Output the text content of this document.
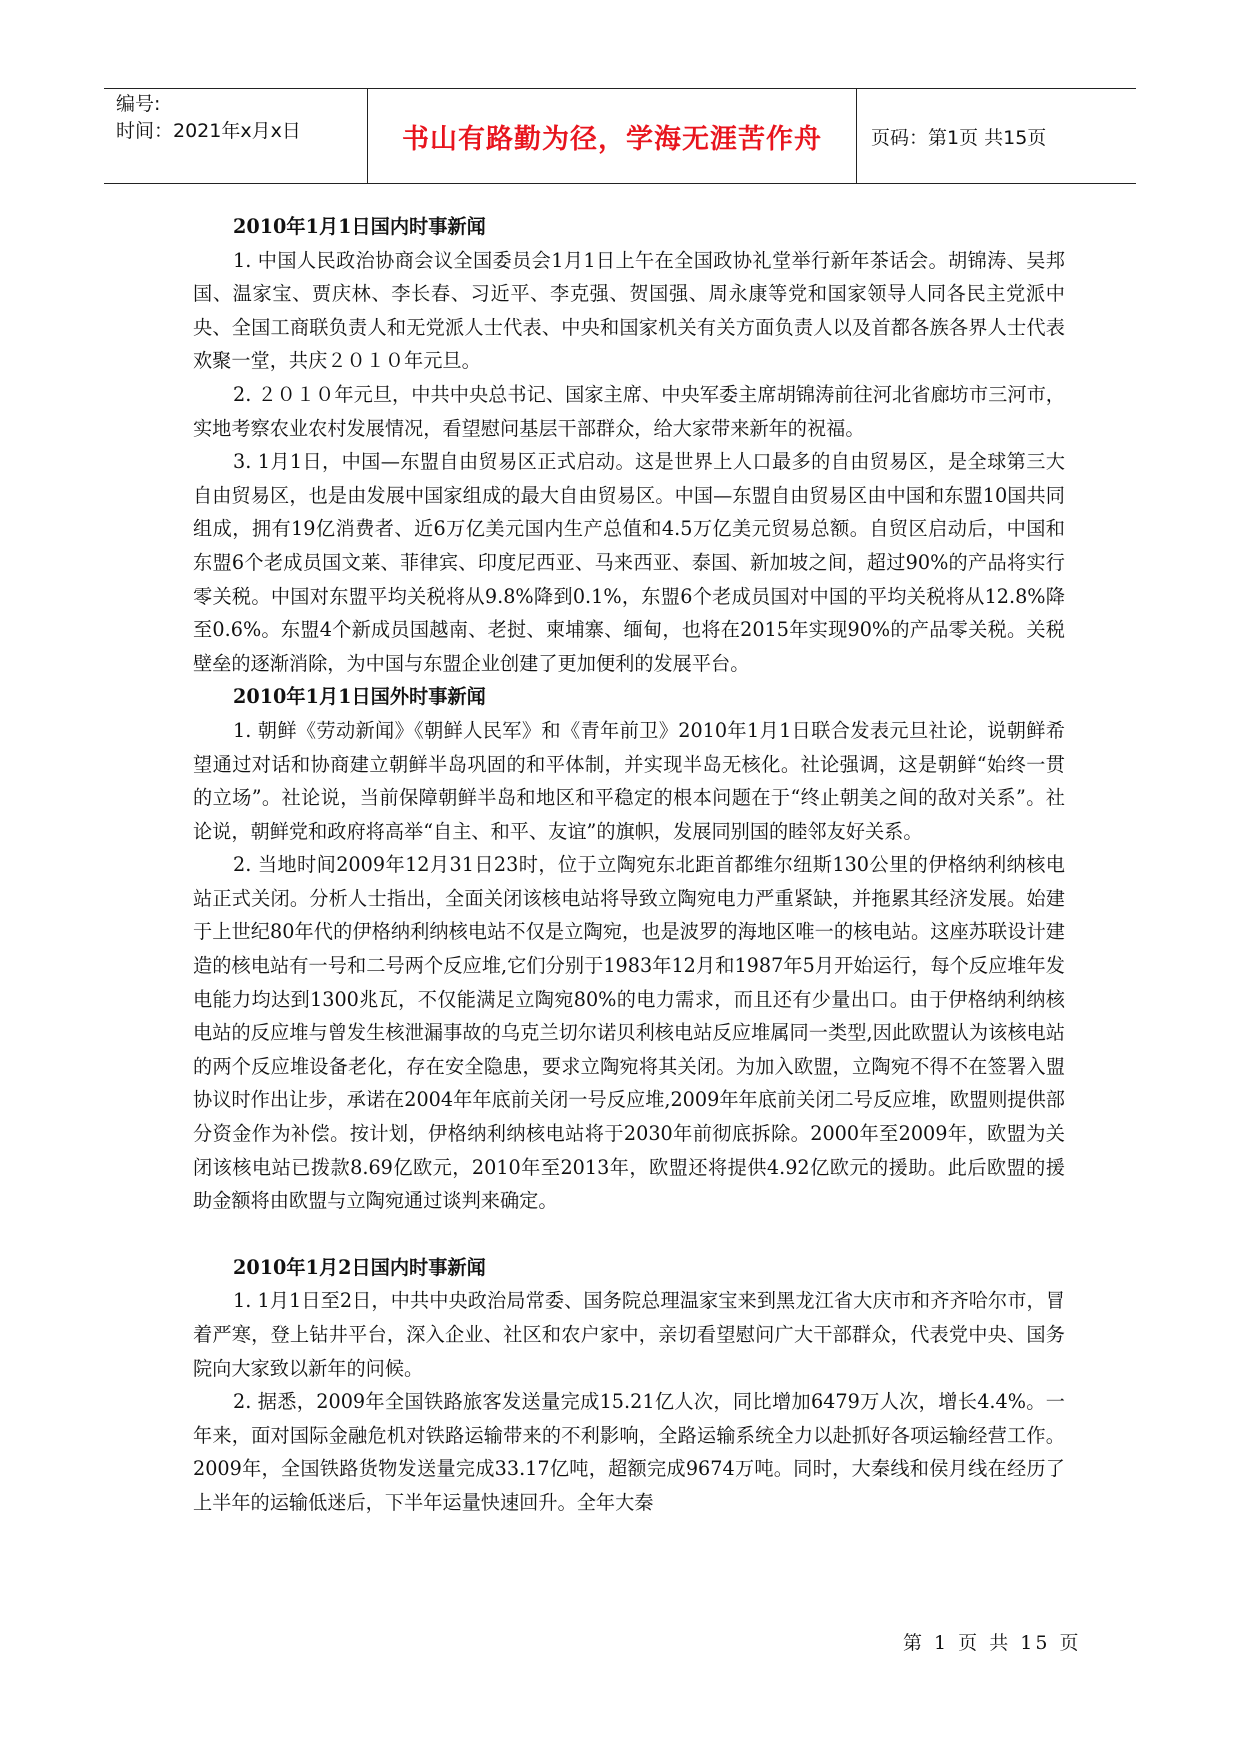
编号:
时间：2021年x月x日	书山有路勤为径，学海无涯苦作舟	页码：第1页 共15页
2010年1月1日国内时事新闻

1. 中国人民政治协商会议全国委员会1月1日上午在全国政协礼堂举行新年茶话会。胡锦涛、吴邦国、温家宝、贾庆林、李长春、习近平、李克强、贺国强、周永康等党和国家领导人同各民主党派中央、全国工商联负责人和无党派人士代表、中央和国家机关有关方面负责人以及首都各族各界人士代表欢聚一堂，共庆２０１０年元旦。

2. ２０１０年元旦，中共中央总书记、国家主席、中央军委主席胡锦涛前往河北省廊坊市三河市，实地考察农业农村发展情况，看望慰问基层干部群众，给大家带来新年的祝福。

3. 1月1日，中国—东盟自由贸易区正式启动。这是世界上人口最多的自由贸易区，是全球第三大自由贸易区，也是由发展中国家组成的最大自由贸易区。中国—东盟自由贸易区由中国和东盟10国共同组成，拥有19亿消费者、近6万亿美元国内生产总值和4.5万亿美元贸易总额。自贸区启动后，中国和东盟6个老成员国文莱、菲律宾、印度尼西亚、马来西亚、泰国、新加坡之间，超过90%的产品将实行零关税。中国对东盟平均关税将从9.8%降到0.1%，东盟6个老成员国对中国的平均关税将从12.8%降至0.6%。东盟4个新成员国越南、老挝、柬埔寨、缅甸，也将在2015年实现90%的产品零关税。关税壁垒的逐渐消除，为中国与东盟企业创建了更加便利的发展平台。

2010年1月1日国外时事新闻

1. 朝鲜《劳动新闻》《朝鲜人民军》和《青年前卫》2010年1月1日联合发表元旦社论，说朝鲜希望通过对话和协商建立朝鲜半岛巩固的和平体制，并实现半岛无核化。社论强调，这是朝鲜“始终一贯的立场”。社论说，当前保障朝鲜半岛和地区和平稳定的根本问题在于“终止朝美之间的敌对关系”。社论说，朝鲜党和政府将高举“自主、和平、友谊”的旗帜，发展同别国的睦邻友好关系。

2. 当地时间2009年12月31日23时，位于立陶宛东北距首都维尔纽斯130公里的伊格纳利纳核电站正式关闭。分析人士指出，全面关闭该核电站将导致立陶宛电力严重紧缺，并拖累其经济发展。始建于上世纪80年代的伊格纳利纳核电站不仅是立陶宛，也是波罗的海地区唯一的核电站。这座苏联设计建造的核电站有一号和二号两个反应堆,它们分别于1983年12月和1987年5月开始运行，每个反应堆年发电能力均达到1300兆瓦，不仅能满足立陶宛80%的电力需求，而且还有少量出口。由于伊格纳利纳核电站的反应堆与曾发生核泄漏事故的乌克兰切尔诺贝利核电站反应堆属同一类型,因此欧盟认为该核电站的两个反应堆设备老化，存在安全隐患，要求立陶宛将其关闭。为加入欧盟，立陶宛不得不在签署入盟协议时作出让步，承诺在2004年年底前关闭一号反应堆,2009年年底前关闭二号反应堆，欧盟则提供部分资金作为补偿。按计划，伊格纳利纳核电站将于2030年前彻底拆除。2000年至2009年，欧盟为关闭该核电站已拨款8.69亿欧元，2010年至2013年，欧盟还将提供4.92亿欧元的援助。此后欧盟的援助金额将由欧盟与立陶宛通过谈判来确定。

2010年1月2日国内时事新闻

1. 1月1日至2日，中共中央政治局常委、国务院总理温家宝来到黑龙江省大庆市和齐齐哈尔市，冒着严寒，登上钻井平台，深入企业、社区和农户家中，亲切看望慰问广大干部群众，代表党中央、国务院向大家致以新年的问候。

2. 据悉，2009年全国铁路旅客发送量完成15.21亿人次，同比增加6479万人次，增长4.4%。一年来，面对国际金融危机对铁路运输带来的不利影响，全路运输系统全力以赴抓好各项运输经营工作。2009年，全国铁路货物发送量完成33.17亿吨，超额完成9674万吨。同时，大秦线和侯月线在经历了上半年的运输低迷后，下半年运量快速回升。全年大秦

第 1 页 共 15 页
